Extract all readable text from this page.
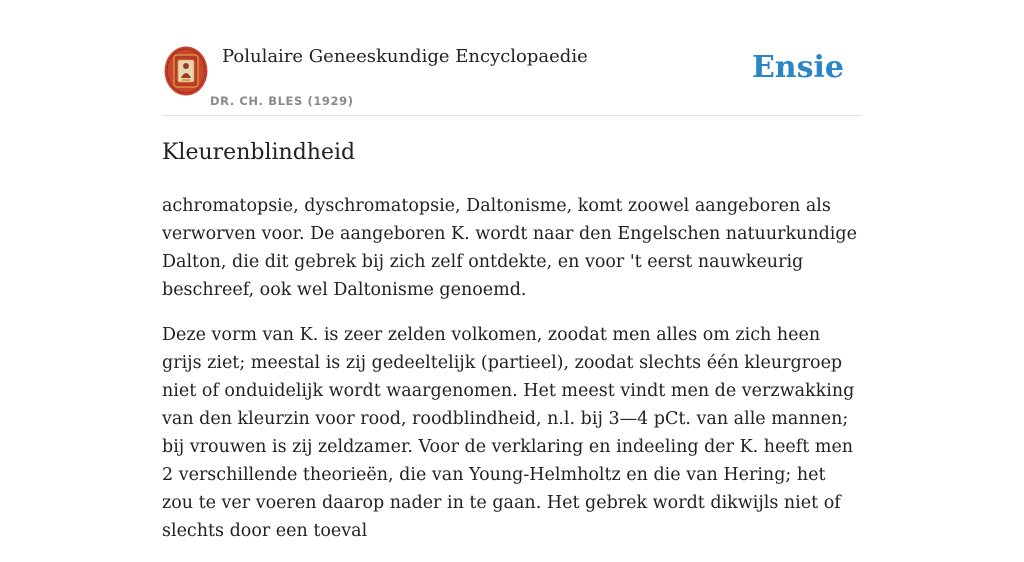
Polulaire Geneeskundige Encyclopaedie
DR. CH. BLES (1929)
Ensie
Kleurenblindheid

achromatopsie, dyschromatopsie, Daltonisme, komt zoowel aangeboren als verworven voor. De aangeboren K. wordt naar den Engelschen natuurkundige Dalton, die dit gebrek bij zich zelf ontdekte, en voor 't eerst nauwkeurig beschreef, ook wel Daltonisme genoemd.

Deze vorm van K. is zeer zelden volkomen, zoodat men alles om zich heen grijs ziet; meestal is zij gedeeltelijk (partieel), zoodat slechts één kleurgroep niet of onduidelijk wordt waargenomen. Het meest vindt men de verzwakking van den kleurzin voor rood, roodblindheid, n.l. bij 3—4 pCt. van alle mannen; bij vrouwen is zij zeldzamer. Voor de verklaring en indeeling der K. heeft men 2 verschillende theorieën, die van Young-Helmholtz en die van Hering; het zou te ver voeren daarop nader in te gaan. Het gebrek wordt dikwijls niet of slechts door een toeval
